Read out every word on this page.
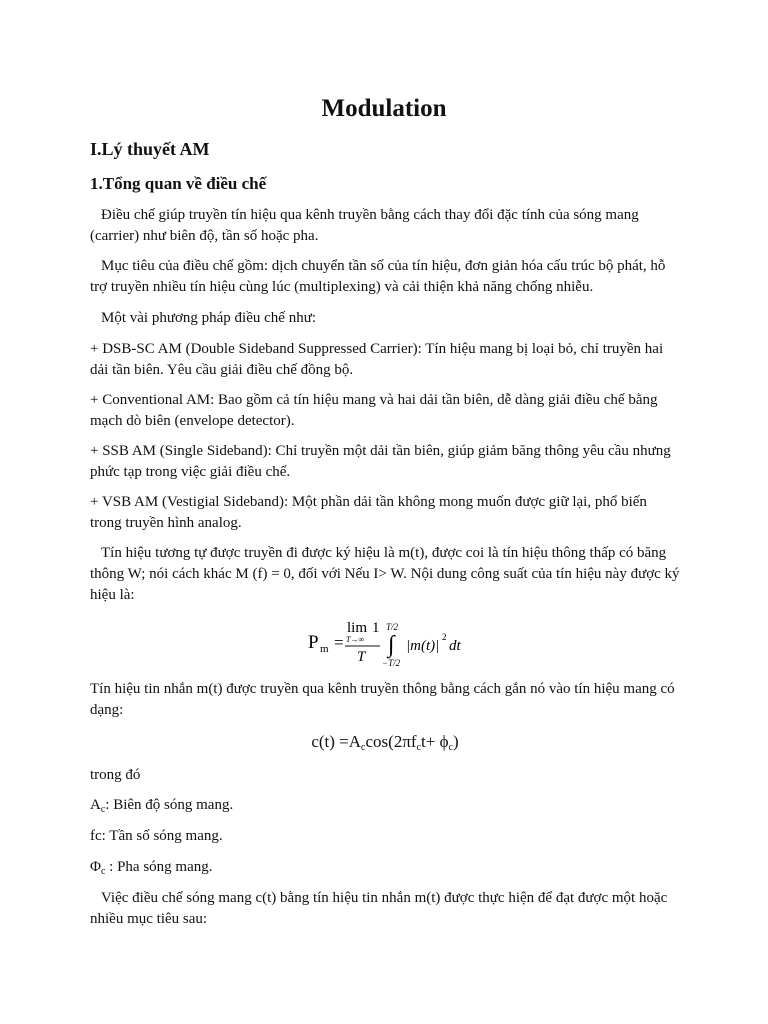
Modulation
I.Lý thuyết AM
1.Tổng quan về điều chế

Điều chế giúp truyền tín hiệu qua kênh truyền bằng cách thay đổi đặc tính của sóng mang (carrier) như biên độ, tần số hoặc pha.

Mục tiêu của điều chế gồm: dịch chuyển tần số của tín hiệu, đơn giản hóa cấu trúc bộ phát, hỗ trợ truyền nhiều tín hiệu cùng lúc (multiplexing) và cải thiện khả năng chống nhiễu.

Một vài phương pháp điều chế như:

+ DSB-SC AM (Double Sideband Suppressed Carrier): Tín hiệu mang bị loại bỏ, chỉ truyền hai dải tần biên. Yêu cầu giải điều chế đồng bộ.

+ Conventional AM: Bao gồm cả tín hiệu mang và hai dải tần biên, dễ dàng giải điều chế bằng mạch dò biên (envelope detector).

+ SSB AM (Single Sideband): Chỉ truyền một dải tần biên, giúp giảm băng thông yêu cầu nhưng phức tạp trong việc giải điều chế.

+ VSB AM (Vestigial Sideband): Một phần dải tần không mong muốn được giữ lại, phổ biến trong truyền hình analog.

Tín hiệu tương tự được truyền đi được ký hiệu là m(t), được coi là tín hiệu thông thấp có băng thông W; nói cách khác M (f) = 0, đối với Nếu I> W. Nội dung công suất của tín hiệu này được ký hiệu là:

P m =
lim 1
T→∞
T
T/2
∫
−T/2
|m(t)|
2
dt

Tín hiệu tin nhắn m(t) được truyền qua kênh truyền thông bằng cách gắn nó vào tín hiệu mang có dạng:

$c(t) =A_c\cos(2\pi f_ct+ \phi_c)$

trong đó

$A_c$: Biên độ sóng mang.

fc: Tần số sóng mang.

$\Phi_c$ : Pha sóng mang.

Việc điều chế sóng mang c(t) bằng tín hiệu tin nhắn m(t) được thực hiện để đạt được một hoặc nhiều mục tiêu sau:
